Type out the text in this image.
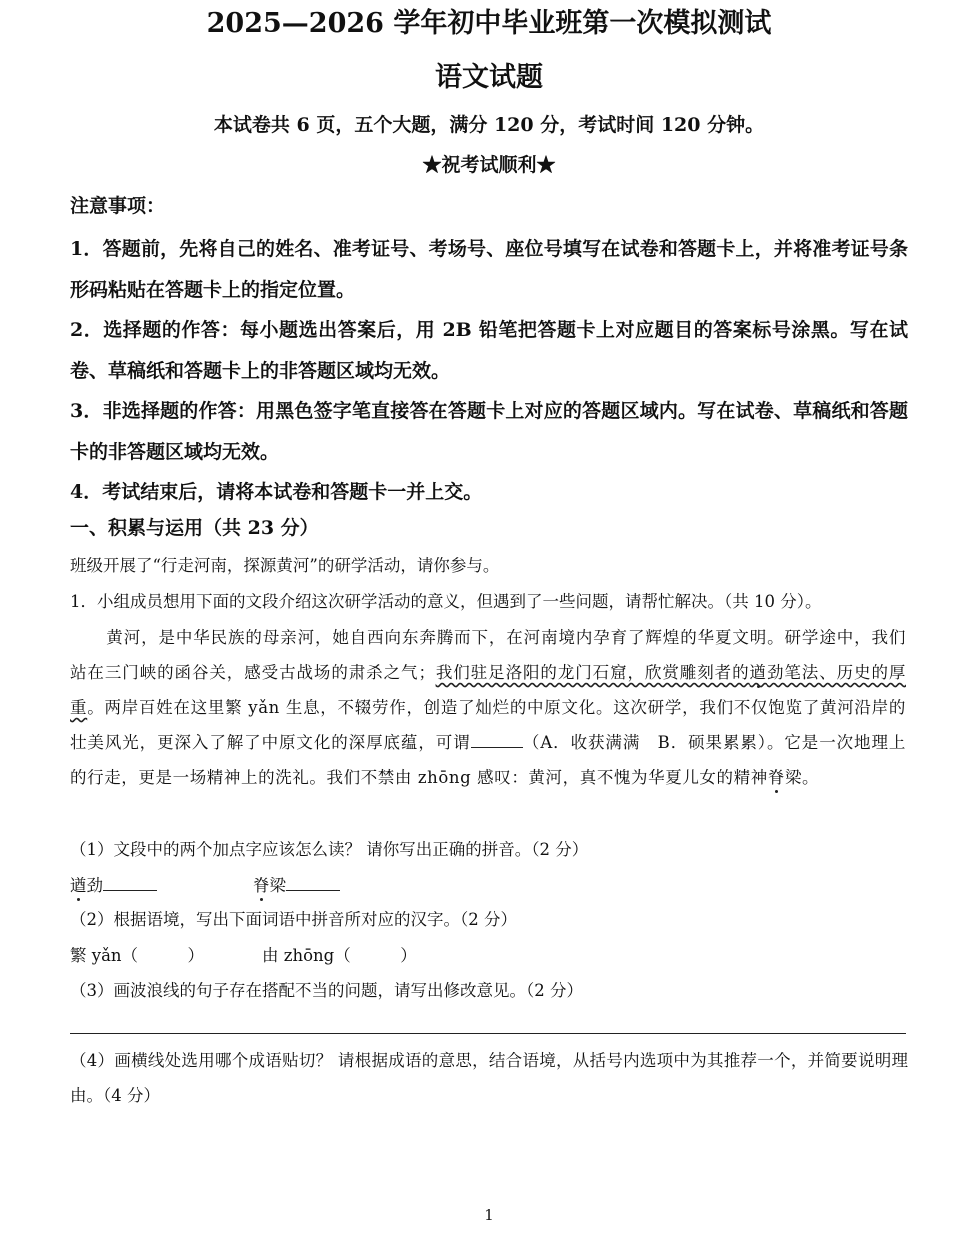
2025—2026 学年初中毕业班第一次模拟测试
语文试题
本试卷共 6 页，五个大题，满分 120 分，考试时间 120 分钟。
★祝考试顺利★
注意事项：

1．答题前，先将自己的姓名、准考证号、考场号、座位号填写在试卷和答题卡上，并将准考证号条形码粘贴在答题卡上的指定位置。

2．选择题的作答：每小题选出答案后，用 2B 铅笔把答题卡上对应题目的答案标号涂黑。写在试卷、草稿纸和答题卡上的非答题区域均无效。

3．非选择题的作答：用黑色签字笔直接答在答题卡上对应的答题区域内。写在试卷、草稿纸和答题卡的非答题区域均无效。

4．考试结束后，请将本试卷和答题卡一并上交。

一、积累与运用（共 23 分）
班级开展了“行走河南，探源黄河”的研学活动，请你参与。
1．小组成员想用下面的文段介绍这次研学活动的意义，但遇到了一些问题，请帮忙解决。（共 10 分）。

黄河，是中华民族的母亲河，她自西向东奔腾而下，在河南境内孕育了辉煌的华夏文明。研学途中，我们站在三门峡的函谷关，感受古战场的肃杀之气；我们驻足洛阳的龙门石窟，欣赏雕刻者的遒劲笔法、历史的厚重。两岸百姓在这里繁 yǎn 生息，不辍劳作，创造了灿烂的中原文化。这次研学，我们不仅饱览了黄河沿岸的壮美风光，更深入了解了中原文化的深厚底蕴，可谓	（A．收获满满　B．硕果累累）。它是一次地理上的行走，更是一场精神上的洗礼。我们不禁由 zhōng 感叹：黄河，真不愧为华夏儿女的精神脊梁。

（1）文段中的两个加点字应该怎么读？ 请你写出正确的拼音。（2 分）
遒劲	脊梁
（2）根据语境，写出下面词语中拼音所对应的汉字。（2 分）
繁 yǎn（　　　）	由 zhōng（　　　）
（3）画波浪线的句子存在搭配不当的问题，请写出修改意见。（2 分）
（4）画横线处选用哪个成语贴切？ 请根据成语的意思，结合语境，从括号内选项中为其推荐一个，并简要说明理由。（4 分）
1
